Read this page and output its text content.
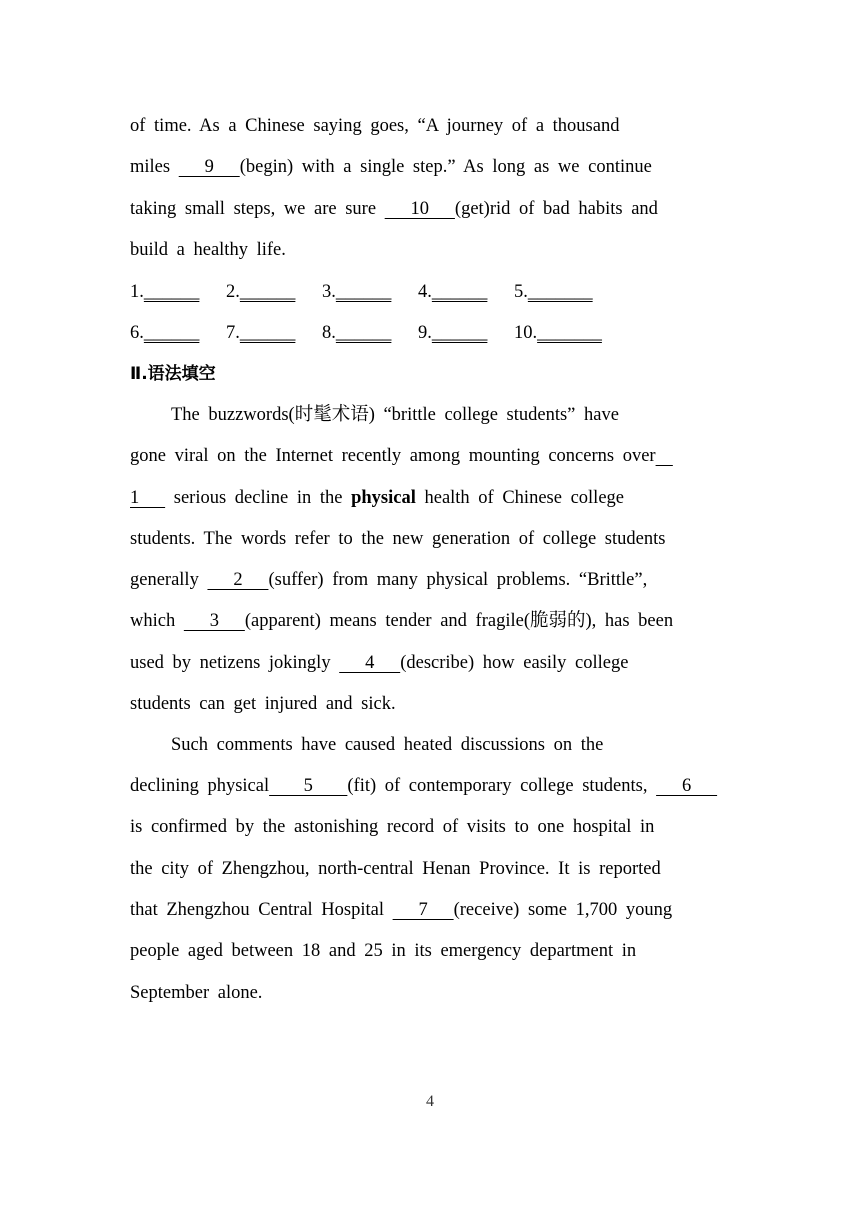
of time. As a Chinese saying goes, “A journey of a thousand
miles    9   (begin) with a single step.” As long as we continue
taking small steps, we are sure    10   (get)rid of bad habits and
build a healthy life.
1.______ 2.______ 3.______ 4.______ 5._______
6.______ 7.______ 8.______ 9.______ 10._______
Ⅱ.语法填空
The buzzwords(时髦术语) “brittle college students” have
gone viral on the Internet recently among mounting concerns over
1    serious decline in the physical health of Chinese college
students. The words refer to the new generation of college students
generally    2   (suffer) from many physical problems. “Brittle”,
which    3   (apparent) means tender and fragile(脆弱的), has been
used by netizens jokingly    4   (describe) how easily college
students can get injured and sick.
Such comments have caused heated discussions on the
declining physical    5    (fit) of contemporary college students,    6
is confirmed by the astonishing record of visits to one hospital in
the city of Zhengzhou, north-central Henan Province. It is reported
that Zhengzhou Central Hospital    7   (receive) some 1,700 young
people aged between 18 and 25 in its emergency department in
September alone.
4
